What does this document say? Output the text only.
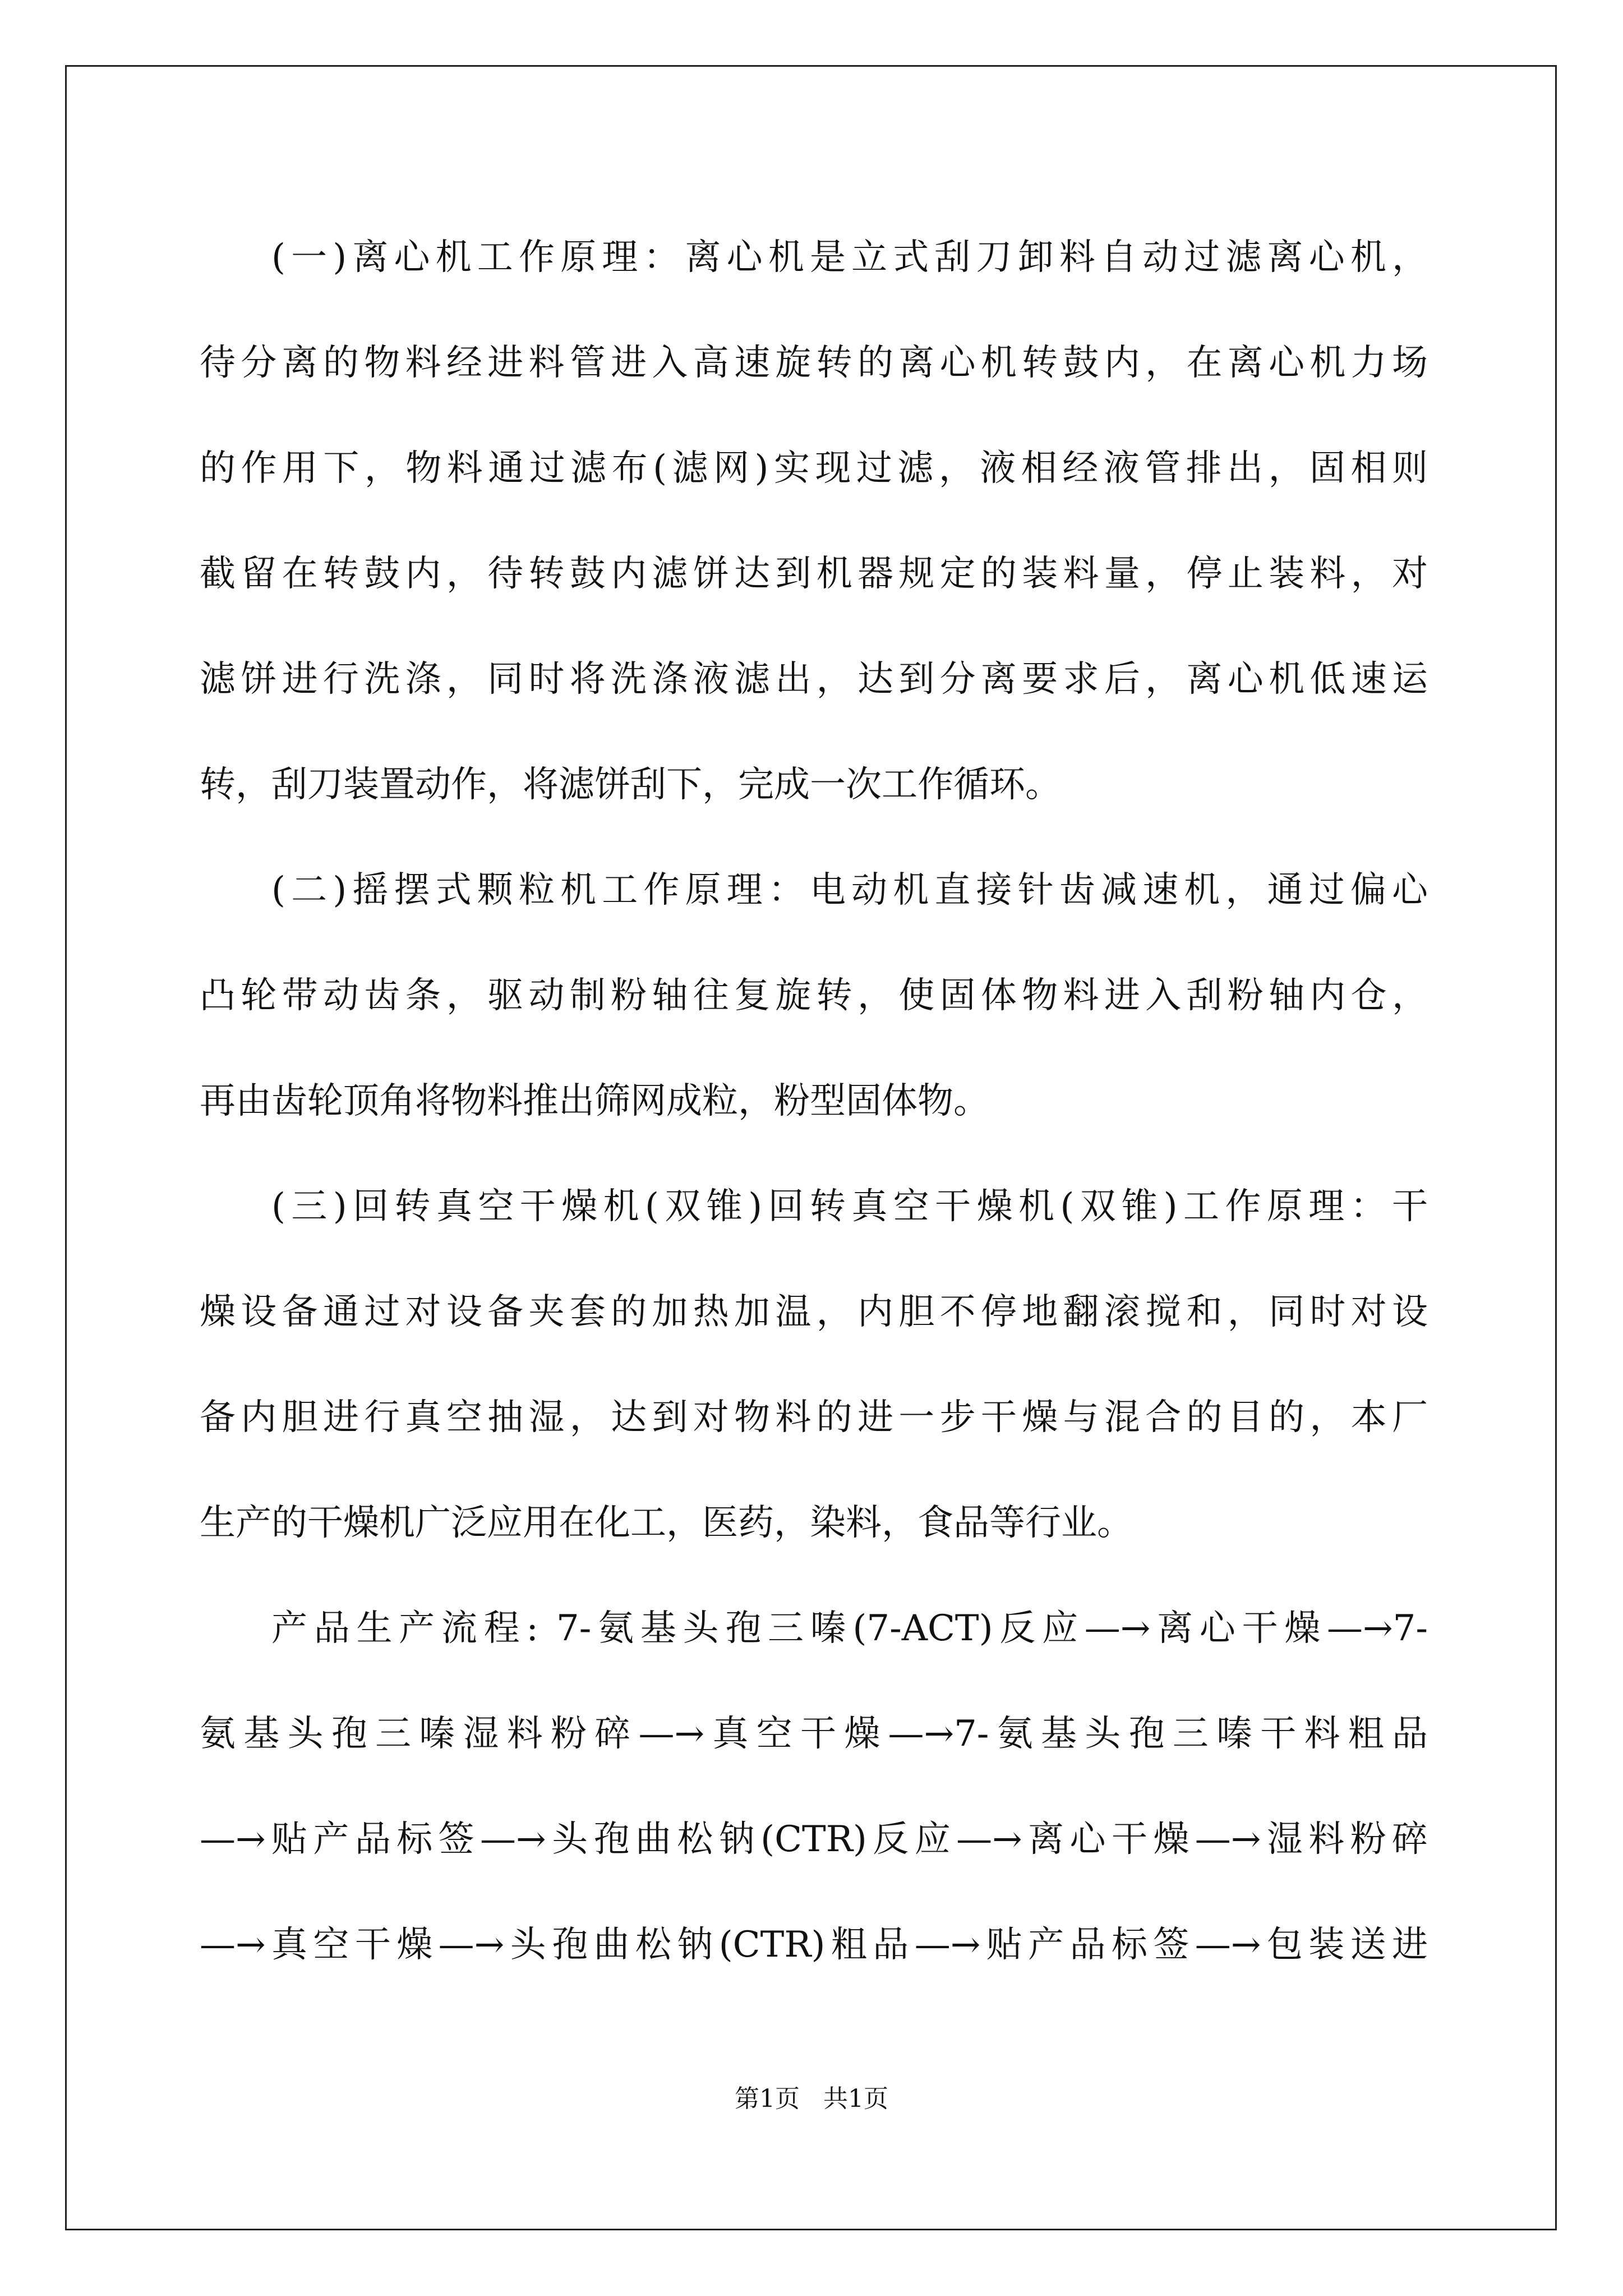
(一)离心机工作原理：离心机是立式刮刀卸料自动过滤离心机，
待分离的物料经进料管进入高速旋转的离心机转鼓内，在离心机力场
的作用下，物料通过滤布(滤网)实现过滤，液相经液管排出，固相则
截留在转鼓内，待转鼓内滤饼达到机器规定的装料量，停止装料，对
滤饼进行洗涤，同时将洗涤液滤出，达到分离要求后，离心机低速运
转，刮刀装置动作，将滤饼刮下，完成一次工作循环。
(二)摇摆式颗粒机工作原理：电动机直接针齿减速机，通过偏心
凸轮带动齿条，驱动制粉轴往复旋转，使固体物料进入刮粉轴内仓，
再由齿轮顶角将物料推出筛网成粒，粉型固体物。
(三)回转真空干燥机(双锥)回转真空干燥机(双锥)工作原理：干
燥设备通过对设备夹套的加热加温，内胆不停地翻滚搅和，同时对设
备内胆进行真空抽湿，达到对物料的进一步干燥与混合的目的，本厂
生产的干燥机广泛应用在化工，医药，染料，食品等行业。
产品生产流程: 7-氨基头孢三嗪(7-ACT)反应—→离心干燥—→7-
氨基头孢三嗪湿料粉碎—→真空干燥—→7-氨基头孢三嗪干料粗品
—→贴产品标签—→头孢曲松钠(CTR)反应—→离心干燥—→湿料粉碎
—→真空干燥—→头孢曲松钠(CTR)粗品—→贴产品标签—→包装送进
第1页 共1页
